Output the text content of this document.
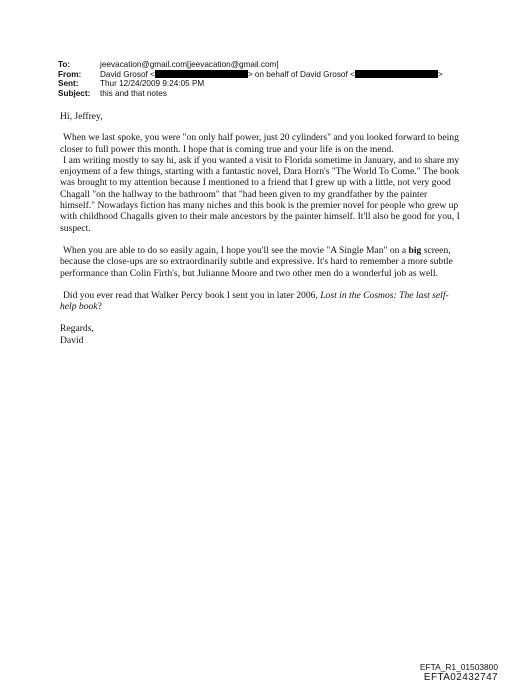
To:	jeevacation@gmail.com[jeevacation@gmail.com]
From:	David Grosof <	> on behalf of David Grosof <	>
Sent:	Thur 12/24/2009 9:24:05 PM
Subject:	this and that notes

Hi, Jeffrey,

When we last spoke, you were "on only half power, just 20 cylinders" and you looked forward to being closer to full power this month. I hope that is coming true and your life is on the mend.

I am writing mostly to say hi, ask if you wanted a visit to Florida sometime in January, and to share my enjoyment of a few things, starting with a fantastic novel, Dara Horn's "The World To Come." The book was brought to my attention because I mentioned to a friend that I grew up with a little, not very good Chagall "on the hallway to the bathroom" that "had been given to my grandfather by the painter himself." Nowadays fiction has many niches and this book is the premier novel for people who grew up with childhood Chagalls given to their male ancestors by the painter himself. It'll also be good for you, I suspect.

When you are able to do so easily again, I hope you'll see the movie "A Single Man" on a big screen, because the close-ups are so extraordinarily subtle and expressive. It's hard to remember a more subtle performance than Colin Firth's, but Julianne Moore and two other men do a wonderful job as well.

Did you ever read that Walker Percy book I sent you in later 2006, Lost in the Cosmos: The last self-help book?

Regards,

David

EFTA_R1_01503800
EFTA02432747
